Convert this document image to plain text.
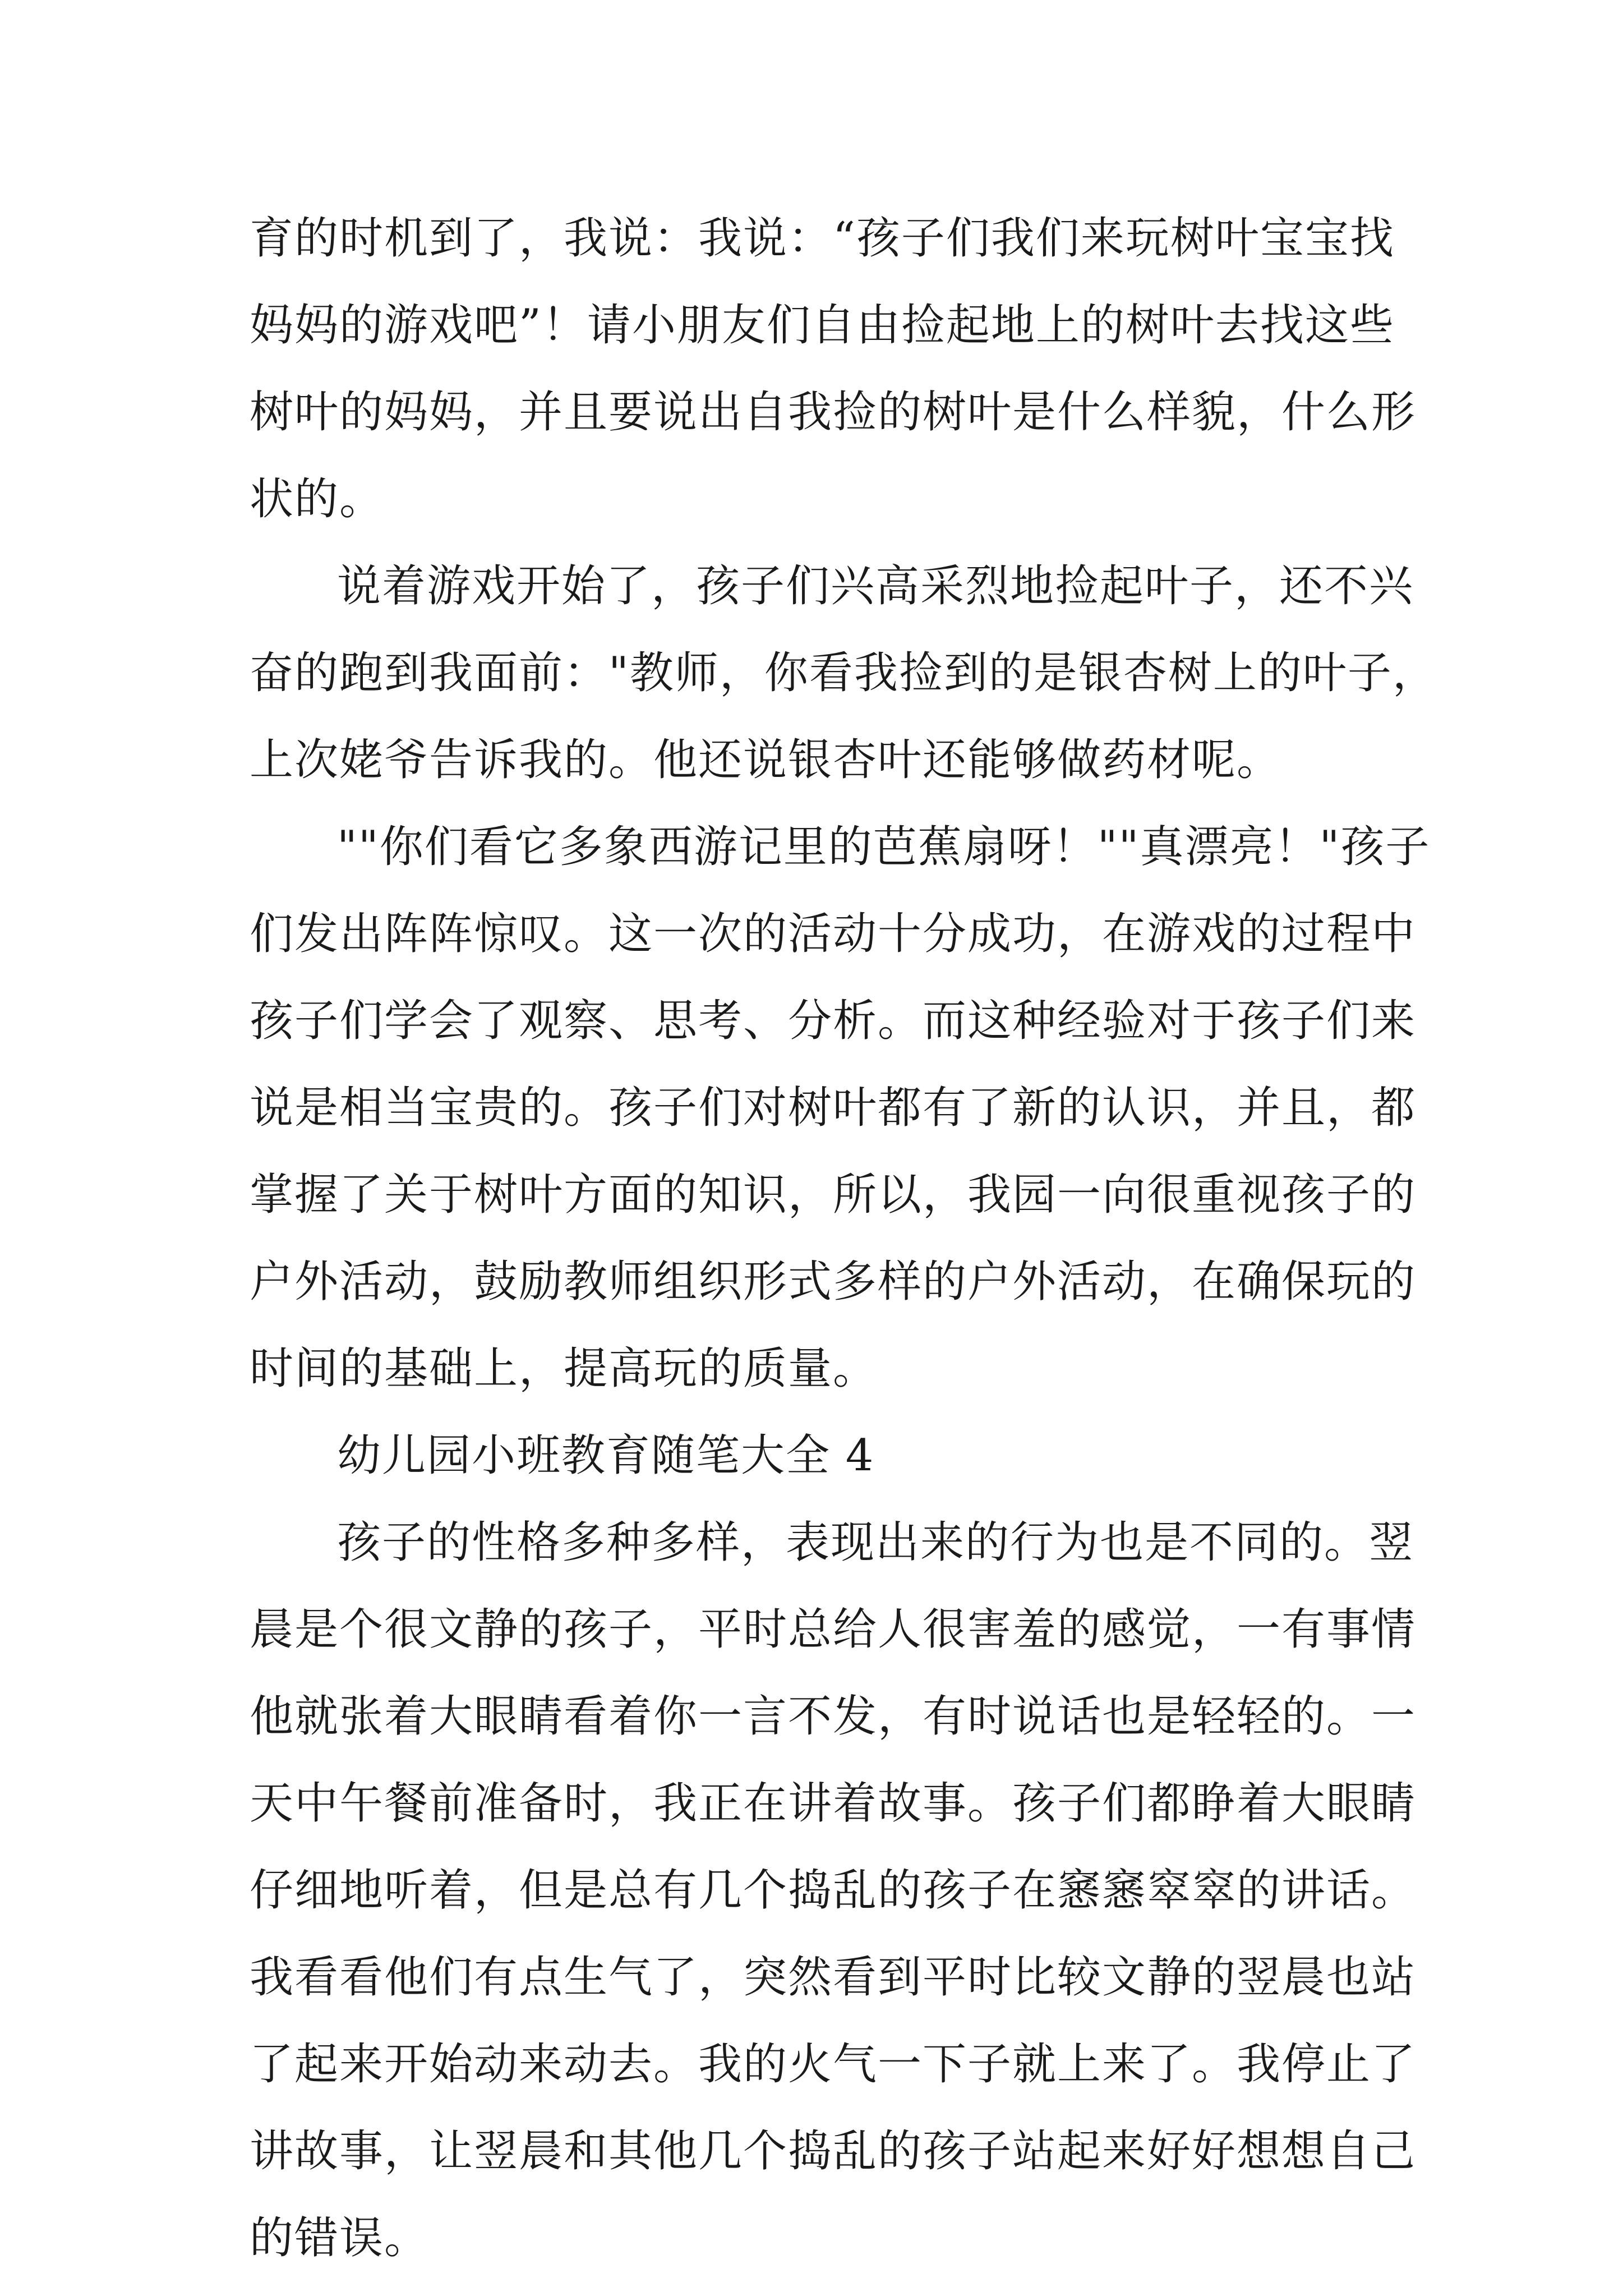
育的时机到了，我说：我说：“孩子们我们来玩树叶宝宝找
妈妈的游戏吧”！请小朋友们自由捡起地上的树叶去找这些
树叶的妈妈，并且要说出自我捡的树叶是什么样貌，什么形
状的。
说着游戏开始了，孩子们兴高采烈地捡起叶子，还不兴
奋的跑到我面前："教师，你看我捡到的是银杏树上的叶子，
上次姥爷告诉我的。他还说银杏叶还能够做药材呢。
""你们看它多象西游记里的芭蕉扇呀！""真漂亮！"孩子
们发出阵阵惊叹。这一次的活动十分成功，在游戏的过程中
孩子们学会了观察、思考、分析。而这种经验对于孩子们来
说是相当宝贵的。孩子们对树叶都有了新的认识，并且，都
掌握了关于树叶方面的知识，所以，我园一向很重视孩子的
户外活动，鼓励教师组织形式多样的户外活动，在确保玩的
时间的基础上，提高玩的质量。
幼儿园小班教育随笔大全 4
孩子的性格多种多样，表现出来的行为也是不同的。翌
晨是个很文静的孩子，平时总给人很害羞的感觉，一有事情
他就张着大眼睛看着你一言不发，有时说话也是轻轻的。一
天中午餐前准备时，我正在讲着故事。孩子们都睁着大眼睛
仔细地听着，但是总有几个捣乱的孩子在窸窸窣窣的讲话。
我看看他们有点生气了，突然看到平时比较文静的翌晨也站
了起来开始动来动去。我的火气一下子就上来了。我停止了
讲故事，让翌晨和其他几个捣乱的孩子站起来好好想想自己
的错误。
